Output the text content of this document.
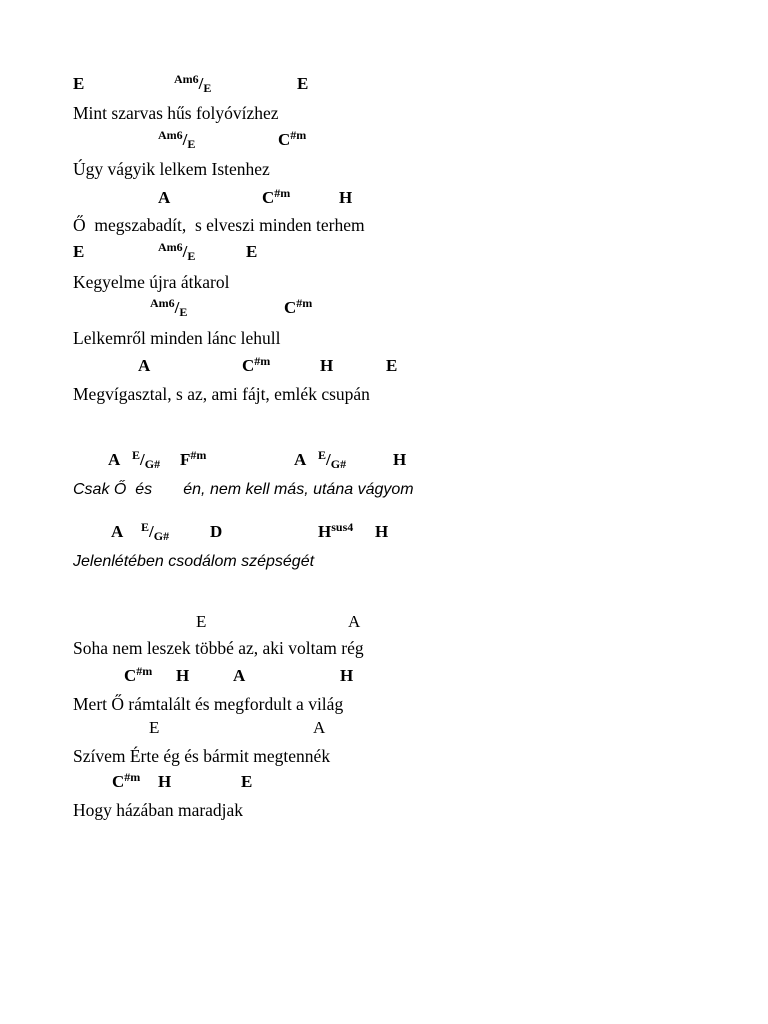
E	$^{Am6}/_E$	E
Mint szarvas hűs folyóvízhez
$^{Am6}/_E$	$C^{\#m}$
Úgy vágyik lelkem Istenhez
A	$C^{\#m}$	H
Ő  megszabadít,  s elveszi minden terhem
E	$^{Am6}/_E$	E
Kegyelme újra átkarol
$^{Am6}/_E$	$C^{\#m}$
Lelkemről minden lánc lehull
A	$C^{\#m}$	H	E
Megvígasztal, s az, ami fájt, emlék csupán
A $^E/_{G\#}$ $F^{\#m}$	A $^E/_{G\#}$	H
Csak Ő  és       én, nem kell más, utána vágyom
A $^E/_{G\#}$ D	$H^{sus4}$ H
Jelenlétében csodálom szépségét
E	A
Soha nem leszek többé az, aki voltam rég
$C^{\#m}$ H	A	H
Mert Ő rámtalált és megfordult a világ
E	A
Szívem Érte ég és bármit megtennék
$C^{\#m}$ H	E
Hogy házában maradjak
